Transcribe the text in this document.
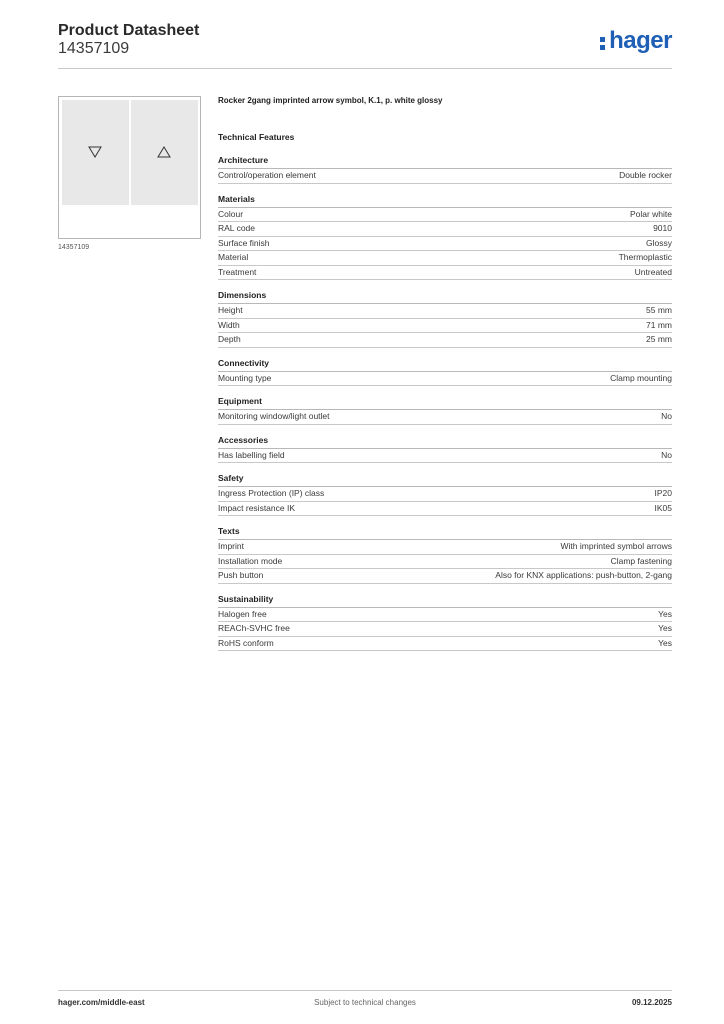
Product Datasheet
14357109	hager
14357109
Rocker 2gang imprinted arrow symbol, K.1, p. white glossy
Technical Features
Architecture
Control/operation element	Double rocker
Materials
Colour	Polar white
RAL code	9010
Surface finish	Glossy
Material	Thermoplastic
Treatment	Untreated
Dimensions
Height	55 mm
Width	71 mm
Depth	25 mm
Connectivity
Mounting type	Clamp mounting
Equipment
Monitoring window/light outlet	No
Accessories
Has labelling field	No
Safety
Ingress Protection (IP) class	IP20
Impact resistance IK	IK05
Texts
Imprint	With imprinted symbol arrows
Installation mode	Clamp fastening
Push button	Also for KNX applications: push-button, 2-gang
Sustainability
Halogen free	Yes
REACh-SVHC free	Yes
RoHS conform	Yes
hager.com/middle-east	Subject to technical changes	09.12.2025
